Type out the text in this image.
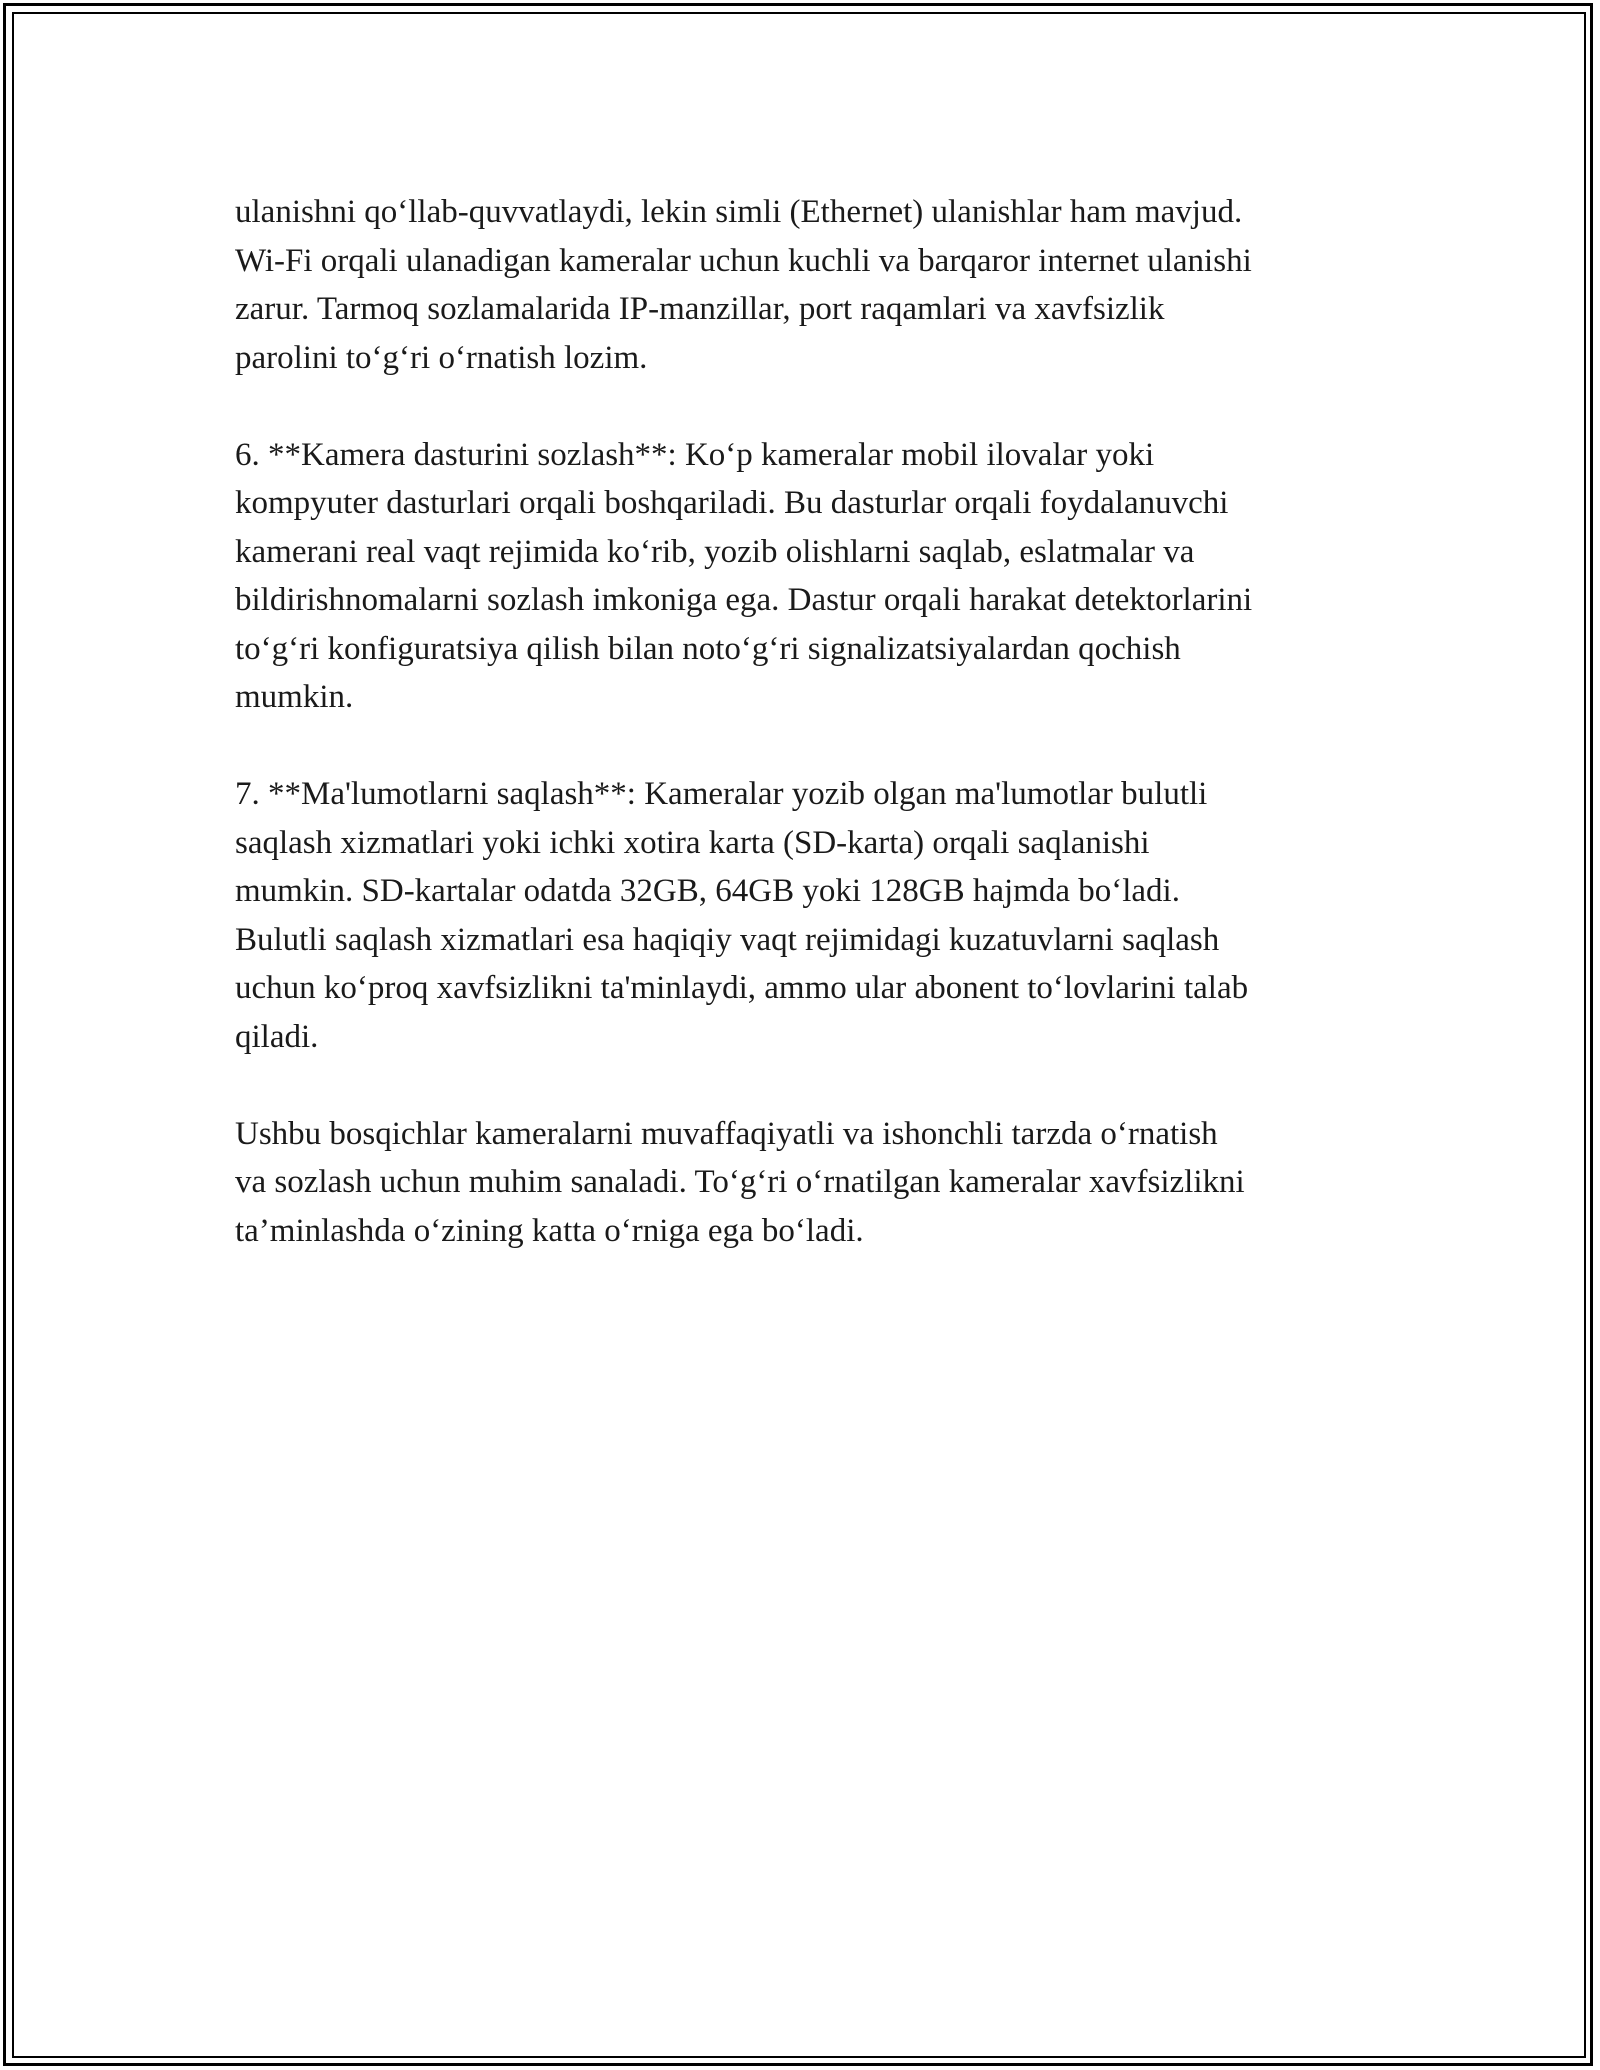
ulanishni qo‘llab-quvvatlaydi, lekin simli (Ethernet) ulanishlar ham mavjud.
Wi-Fi orqali ulanadigan kameralar uchun kuchli va barqaror internet ulanishi
zarur. Tarmoq sozlamalarida IP-manzillar, port raqamlari va xavfsizlik
parolini to‘g‘ri o‘rnatish lozim.

6. **Kamera dasturini sozlash**: Ko‘p kameralar mobil ilovalar yoki
kompyuter dasturlari orqali boshqariladi. Bu dasturlar orqali foydalanuvchi
kamerani real vaqt rejimida ko‘rib, yozib olishlarni saqlab, eslatmalar va
bildirishnomalarni sozlash imkoniga ega. Dastur orqali harakat detektorlarini
to‘g‘ri konfiguratsiya qilish bilan noto‘g‘ri signalizatsiyalardan qochish
mumkin.

7. **Ma'lumotlarni saqlash**: Kameralar yozib olgan ma'lumotlar bulutli
saqlash xizmatlari yoki ichki xotira karta (SD-karta) orqali saqlanishi
mumkin. SD-kartalar odatda 32GB, 64GB yoki 128GB hajmda bo‘ladi.
Bulutli saqlash xizmatlari esa haqiqiy vaqt rejimidagi kuzatuvlarni saqlash
uchun ko‘proq xavfsizlikni ta'minlaydi, ammo ular abonent to‘lovlarini talab
qiladi.

Ushbu bosqichlar kameralarni muvaffaqiyatli va ishonchli tarzda o‘rnatish
va sozlash uchun muhim sanaladi. To‘g‘ri o‘rnatilgan kameralar xavfsizlikni
ta’minlashda o‘zining katta o‘rniga ega bo‘ladi.
